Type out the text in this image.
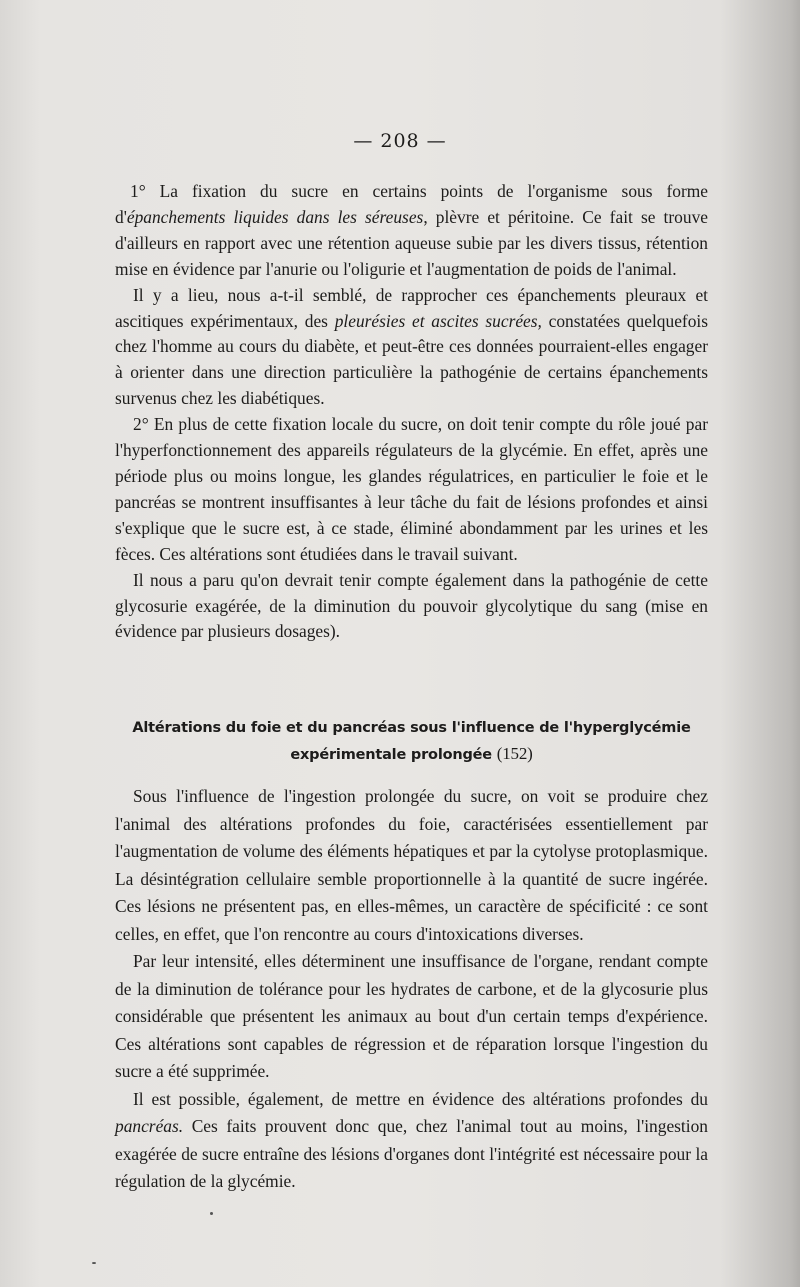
— 208 —

1° La fixation du sucre en certains points de l'organisme sous forme d'épanchements liquides dans les séreuses, plèvre et péritoine. Ce fait se trouve d'ailleurs en rapport avec une rétention aqueuse subie par les divers tissus, rétention mise en évidence par l'anurie ou l'oligurie et l'augmentation de poids de l'animal.

Il y a lieu, nous a-t-il semblé, de rapprocher ces épanchements pleuraux et ascitiques expérimentaux, des pleurésies et ascites sucrées, constatées quelquefois chez l'homme au cours du diabète, et peut-être ces données pourraient-elles engager à orienter dans une direction particulière la pathogénie de certains épanchements survenus chez les diabétiques.

2° En plus de cette fixation locale du sucre, on doit tenir compte du rôle joué par l'hyperfonctionnement des appareils régulateurs de la glycémie. En effet, après une période plus ou moins longue, les glandes régulatrices, en particulier le foie et le pancréas se montrent insuffisantes à leur tâche du fait de lésions profondes et ainsi s'explique que le sucre est, à ce stade, éliminé abondamment par les urines et les fèces. Ces altérations sont étudiées dans le travail suivant.

Il nous a paru qu'on devrait tenir compte également dans la pathogénie de cette glycosurie exagérée, de la diminution du pouvoir glycolytique du sang (mise en évidence par plusieurs dosages).

Altérations du foie et du pancréas sous l'influence de l'hyperglycémie
expérimentale prolongée (152)

Sous l'influence de l'ingestion prolongée du sucre, on voit se produire chez l'animal des altérations profondes du foie, caractérisées essentiellement par l'augmentation de volume des éléments hépatiques et par la cytolyse protoplasmique. La désintégration cellulaire semble proportionnelle à la quantité de sucre ingérée. Ces lésions ne présentent pas, en elles-mêmes, un caractère de spécificité : ce sont celles, en effet, que l'on rencontre au cours d'intoxications diverses.

Par leur intensité, elles déterminent une insuffisance de l'organe, rendant compte de la diminution de tolérance pour les hydrates de carbone, et de la glycosurie plus considérable que présentent les animaux au bout d'un certain temps d'expérience. Ces altérations sont capables de régression et de réparation lorsque l'ingestion du sucre a été supprimée.

Il est possible, également, de mettre en évidence des altérations profondes du pancréas. Ces faits prouvent donc que, chez l'animal tout au moins, l'ingestion exagérée de sucre entraîne des lésions d'organes dont l'intégrité est nécessaire pour la régulation de la glycémie.
